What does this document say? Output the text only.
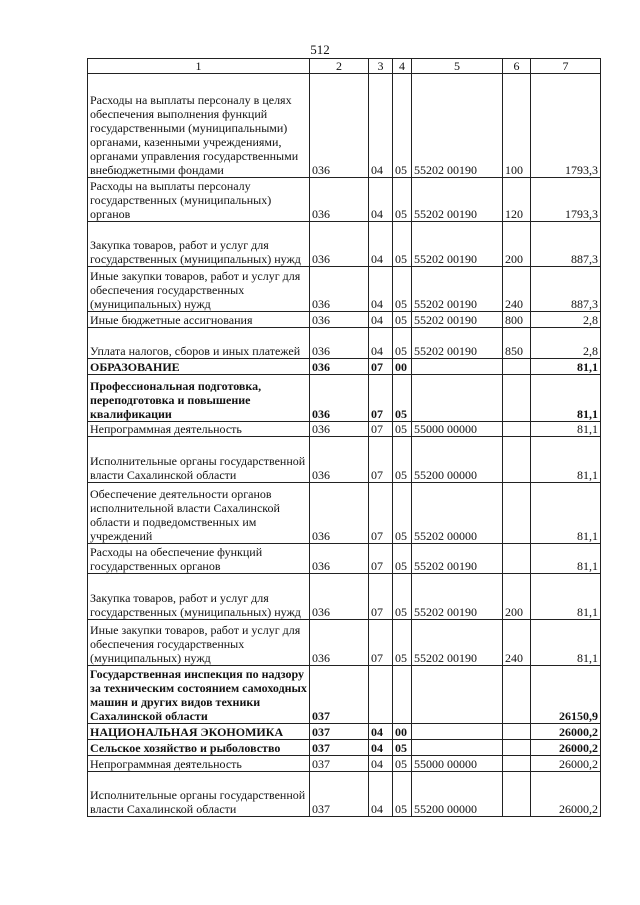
512
1	2	3	4	5	6	7
Расходы на выплаты персоналу в целях обеспечения выполнения функций государственными (муниципальными) органами, казенными учреждениями, органами управления государственными внебюджетными фондами	036	04	05	55202 00190	100	1793,3
Расходы на выплаты персоналу государственных (муниципальных) органов	036	04	05	55202 00190	120	1793,3
Закупка товаров, работ и услуг для государственных (муниципальных) нужд	036	04	05	55202 00190	200	887,3
Иные закупки товаров, работ и услуг для обеспечения государственных (муниципальных) нужд	036	04	05	55202 00190	240	887,3
Иные бюджетные ассигнования	036	04	05	55202 00190	800	2,8
Уплата налогов, сборов и иных платежей	036	04	05	55202 00190	850	2,8
ОБРАЗОВАНИЕ	036	07	00			81,1
Профессиональная подготовка, переподготовка и повышение квалификации	036	07	05			81,1
Непрограммная деятельность	036	07	05	55000 00000		81,1
Исполнительные органы государственной власти Сахалинской области	036	07	05	55200 00000		81,1
Обеспечение деятельности органов исполнительной власти Сахалинской области и подведомственных им учреждений	036	07	05	55202 00000		81,1
Расходы на обеспечение функций государственных органов	036	07	05	55202 00190		81,1
Закупка товаров, работ и услуг для государственных (муниципальных) нужд	036	07	05	55202 00190	200	81,1
Иные закупки товаров, работ и услуг для обеспечения государственных (муниципальных) нужд	036	07	05	55202 00190	240	81,1
Государственная инспекция по надзору за техническим состоянием самоходных машин и других видов техники Сахалинской области	037					26150,9
НАЦИОНАЛЬНАЯ ЭКОНОМИКА	037	04	00			26000,2
Сельское хозяйство и рыболовство	037	04	05			26000,2
Непрограммная деятельность	037	04	05	55000 00000		26000,2
Исполнительные органы государственной власти Сахалинской области	037	04	05	55200 00000		26000,2
